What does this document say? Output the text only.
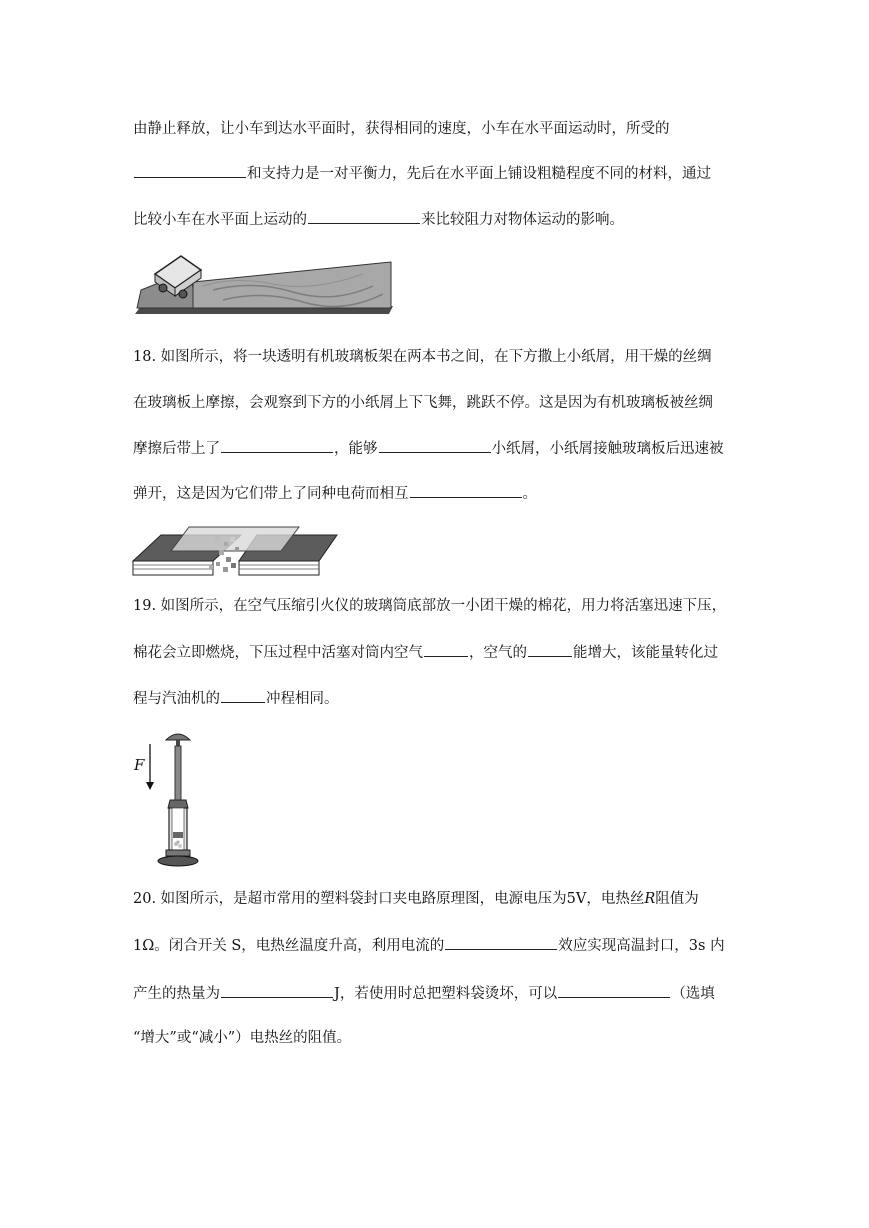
由静止释放，让小车到达水平面时，获得相同的速度，小车在水平面运动时，所受的
和支持力是一对平衡力，先后在水平面上铺设粗糙程度不同的材料，通过
比较小车在水平面上运动的	来比较阻力对物体运动的影响。
18. 如图所示，将一块透明有机玻璃板架在两本书之间，在下方撒上小纸屑，用干燥的丝绸
在玻璃板上摩擦，会观察到下方的小纸屑上下飞舞，跳跃不停。这是因为有机玻璃板被丝绸
摩擦后带上了	，能够	小纸屑，小纸屑接触玻璃板后迅速被
弹开，这是因为它们带上了同种电荷而相互	。
19. 如图所示，在空气压缩引火仪的玻璃筒底部放一小团干燥的棉花，用力将活塞迅速下压，
棉花会立即燃烧，下压过程中活塞对筒内空气	，空气的	能增大，该能量转化过
程与汽油机的	冲程相同。
F
20. 如图所示，是超市常用的塑料袋封口夹电路原理图，电源电压为5V，电热丝R阻值为
1Ω。闭合开关 S，电热丝温度升高，利用电流的	效应实现高温封口，3s 内
产生的热量为	J，若使用时总把塑料袋烫坏，可以	（选填
“增大”或“减小”）电热丝的阻值。
